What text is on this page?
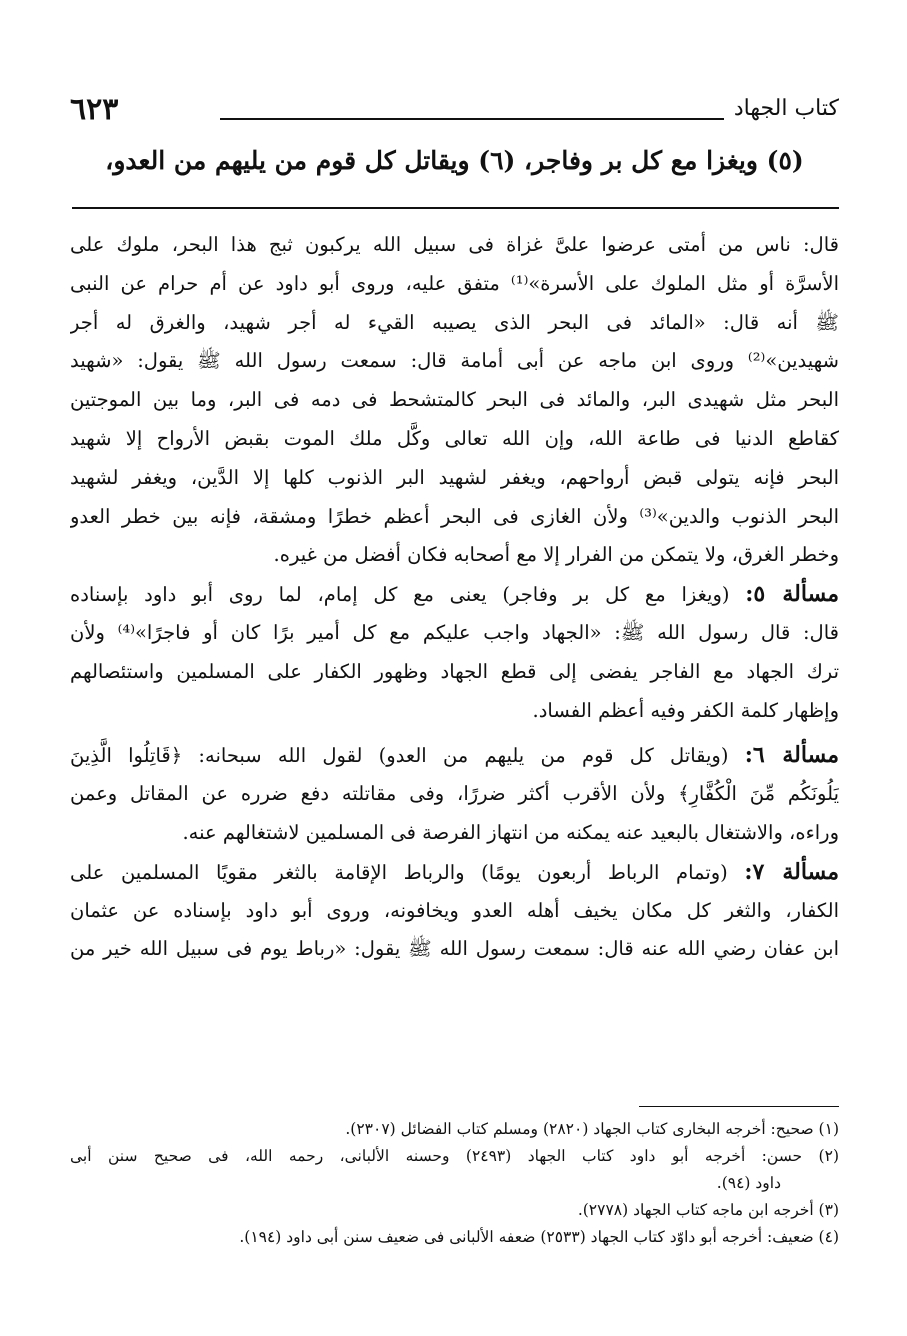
كتاب الجهاد
٦٢٣
(٥) ويغزا مع كل بر وفاجر، (٦) ويقاتل كل قوم من يليهم من العدو،
قال: ناس من أمتى عرضوا علىَّ غزاة فى سبيل الله يركبون ثبج هذا البحر، ملوك على
الأسرَّة أو مثل الملوك على الأسرة»⁽¹⁾ متفق عليه، وروى أبو داود عن أم حرام عن النبى
ﷺ أنه قال: «المائد فى البحر الذى يصيبه القيء له أجر شهيد، والغرق له أجر
شهيدين»⁽²⁾ وروى ابن ماجه عن أبى أمامة قال: سمعت رسول الله ﷺ يقول: «شهيد
البحر مثل شهيدى البر، والمائد فى البحر كالمتشحط فى دمه فى البر، وما بين الموجتين
كقاطع الدنيا فى طاعة الله، وإن الله تعالى وكَّل ملك الموت بقبض الأرواح إلا شهيد
البحر فإنه يتولى قبض أرواحهم، ويغفر لشهيد البر الذنوب كلها إلا الدَّين، ويغفر لشهيد
البحر الذنوب والدين»⁽³⁾ ولأن الغازى فى البحر أعظم خطرًا ومشقة، فإنه بين خطر العدو
وخطر الغرق، ولا يتمكن من الفرار إلا مع أصحابه فكان أفضل من غيره.
مسألة ٥: (ويغزا مع كل بر وفاجر) يعنى مع كل إمام، لما روى أبو داود بإسناده
قال: قال رسول الله ﷺ: «الجهاد واجب عليكم مع كل أمير برًا كان أو فاجرًا»⁽⁴⁾ ولأن
ترك الجهاد مع الفاجر يفضى إلى قطع الجهاد وظهور الكفار على المسلمين واستئصالهم
وإظهار كلمة الكفر وفيه أعظم الفساد.
مسألة ٦: (ويقاتل كل قوم من يليهم من العدو) لقول الله سبحانه: ﴿قَاتِلُوا الَّذِينَ
يَلُونَكُم مِّنَ الْكُفَّارِ﴾ ولأن الأقرب أكثر ضررًا، وفى مقاتلته دفع ضرره عن المقاتل وعمن
وراءه، والاشتغال بالبعيد عنه يمكنه من انتهاز الفرصة فى المسلمين لاشتغالهم عنه.
مسألة ٧: (وتمام الرباط أربعون يومًا) والرباط الإقامة بالثغر مقويًا المسلمين على
الكفار، والثغر كل مكان يخيف أهله العدو ويخافونه، وروى أبو داود بإسناده عن عثمان
ابن عفان رضي الله عنه قال: سمعت رسول الله ﷺ يقول: «رباط يوم فى سبيل الله خير من
(١) صحيح: أخرجه البخارى كتاب الجهاد (٢٨٢٠) ومسلم كتاب الفضائل (٢٣٠٧).
(٢) حسن: أخرجه أبو داود كتاب الجهاد (٢٤٩٣) وحسنه الألبانى، رحمه الله، فى صحيح سنن أبى
داود (٩٤).
(٣) أخرجه ابن ماجه كتاب الجهاد (٢٧٧٨).
(٤) ضعيف: أخرجه أبو داوّد كتاب الجهاد (٢٥٣٣) ضعفه الألبانى فى ضعيف سنن أبى داود (١٩٤).
